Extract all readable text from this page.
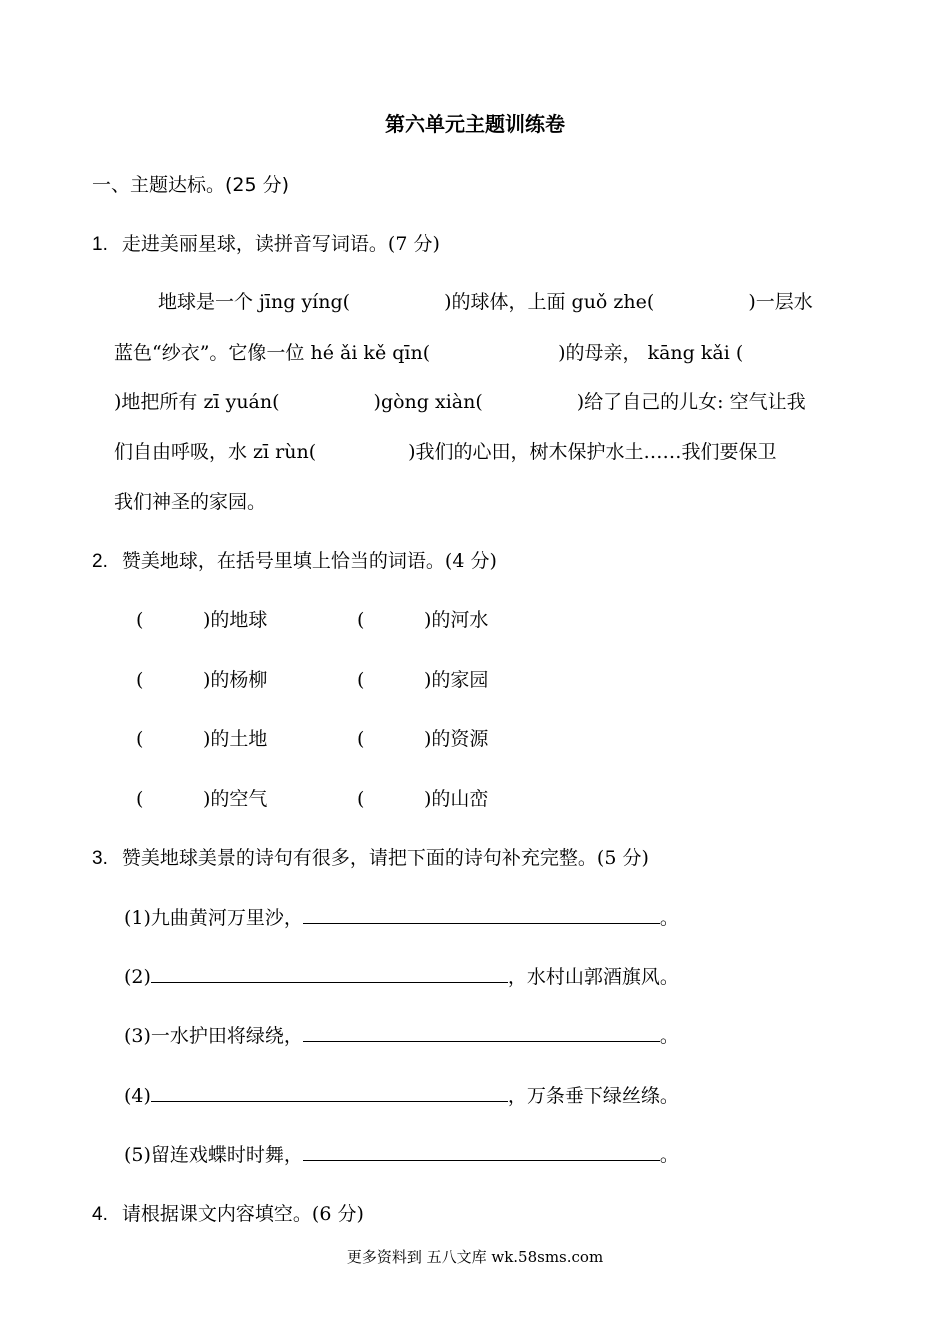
第六单元主题训练卷
一、主题达标。(25 分)
1. 走进美丽星球，读拼音写词语。(7 分)
地球是一个 jīng yíng(	)的球体，上面 guǒ zhe(	)一层水
蓝色“纱衣”。它像一位 hé ǎi kě qīn(	)的母亲， kāng kǎi (
)地把所有 zī yuán(	)gòng xiàn(	)给了自己的儿女: 空气让我
们自由呼吸，水 zī rùn(	)我们的心田，树木保护水土……我们要保卫
我们神圣的家园。
2. 赞美地球，在括号里填上恰当的词语。(4 分)
(	)的地球	(	)的河水
(	)的杨柳	(	)的家园
(	)的土地	(	)的资源
(	)的空气	(	)的山峦
3. 赞美地球美景的诗句有很多，请把下面的诗句补充完整。(5 分)
(1)九曲黄河万里沙，	。
(2)	，水村山郭酒旗风。
(3)一水护田将绿绕，	。
(4)	，万条垂下绿丝绦。
(5)留连戏蝶时时舞，	。
4. 请根据课文内容填空。(6 分)
更多资料到 五八文库 wk.58sms.com
